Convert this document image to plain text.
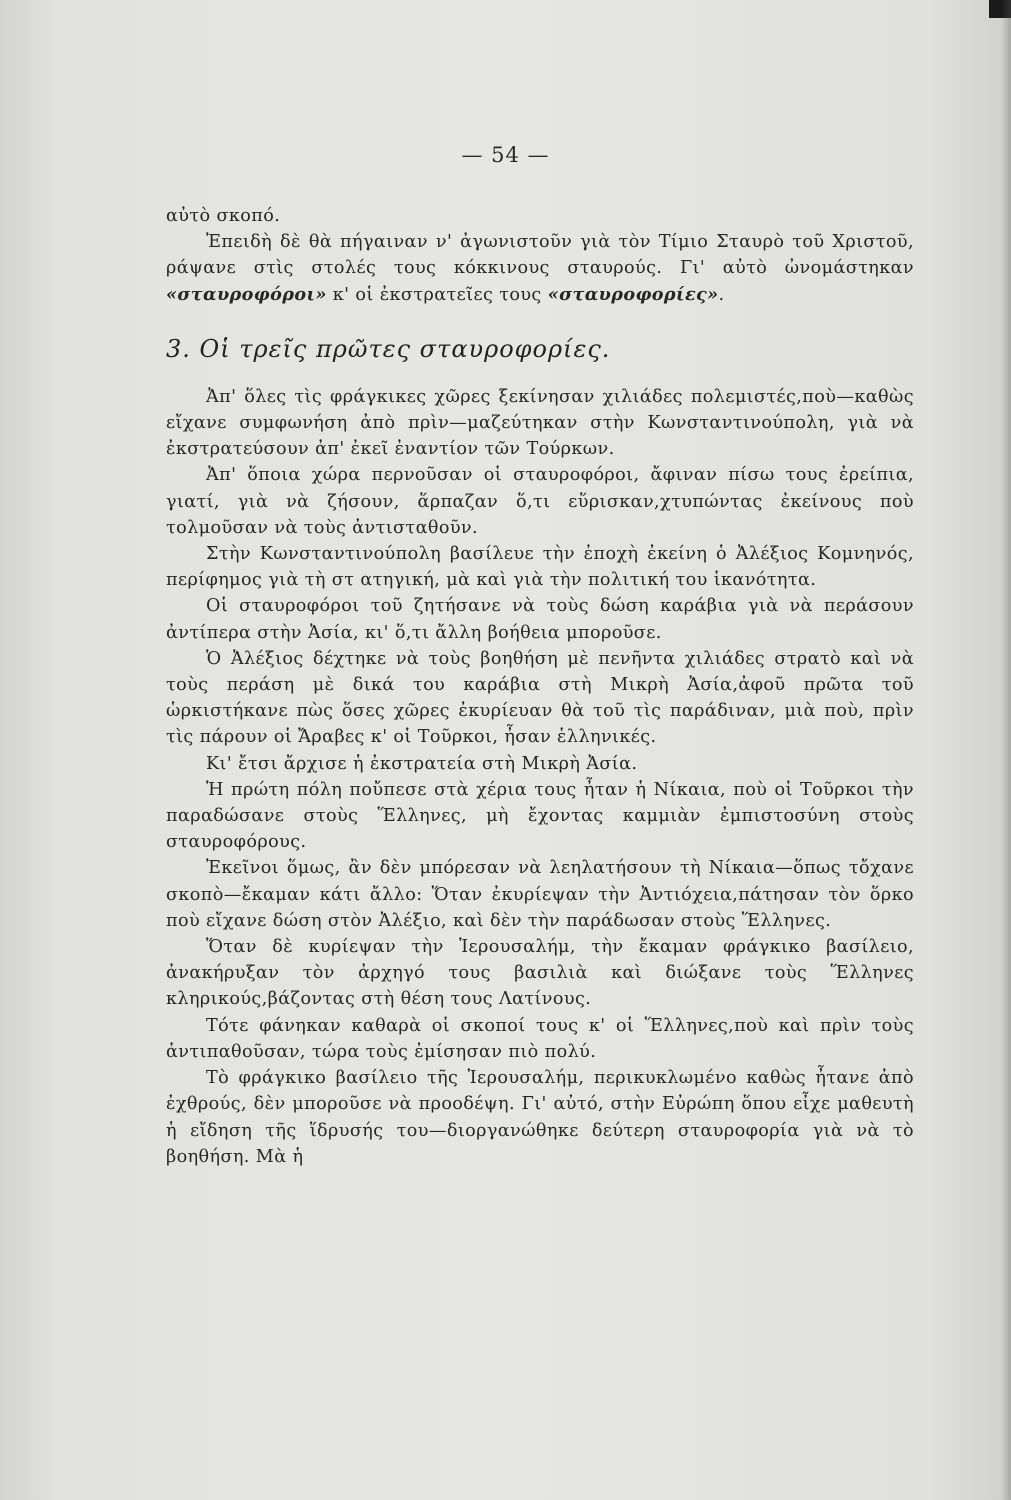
— 54 —

αὐτὸ σκοπό.

Ἐπειδὴ δὲ θὰ πήγαιναν ν' ἀγωνιστοῦν γιὰ τὸν Τίμιο Σταυρὸ τοῦ Χριστοῦ, ράψανε στὶς στολές τους κόκκινους σταυρούς. Γι' αὐτὸ ὠνομάστηκαν «σταυροφόροι» κ' οἱ ἐκστρατεῖες τους «σταυροφορίες».

3. Οἱ τρεῖς πρῶτες σταυροφορίες.

Ἀπ' ὅλες τὶς φράγκικες χῶρες ξεκίνησαν χιλιάδες πολεμιστές,ποὺ—καθὼς εἴχανε συμφωνήση ἀπὸ πρὶν—μαζεύτηκαν στὴν Κωνσταντινούπολη, γιὰ νὰ ἐκστρατεύσουν ἀπ' ἐκεῖ ἐναντίον τῶν Τούρκων.

Ἀπ' ὅποια χώρα περνοῦσαν οἱ σταυροφόροι, ἄφιναν πίσω τους ἐρείπια, γιατί, γιὰ νὰ ζήσουν, ἅρπαζαν ὅ,τι εὕρισκαν,χτυπώντας ἐκείνους ποὺ τολμοῦσαν νὰ τοὺς ἀντισταθοῦν.

Στὴν Κωνσταντινούπολη βασίλευε τὴν ἐποχὴ ἐκείνη ὁ Ἀλέξιος Κομνηνός, περίφημος γιὰ τὴ στ ατηγική, μὰ καὶ γιὰ τὴν πολιτική του ἱκανότητα.

Οἱ σταυροφόροι τοῦ ζητήσανε νὰ τοὺς δώση καράβια γιὰ νὰ περάσουν ἀντίπερα στὴν Ἀσία, κι' ὅ,τι ἄλλη βοήθεια μποροῦσε.

Ὁ Ἀλέξιος δέχτηκε νὰ τοὺς βοηθήση μὲ πενῆντα χιλιάδες στρατὸ καὶ νὰ τοὺς περάση μὲ δικά του καράβια στὴ Μικρὴ Ἀσία,ἀφοῦ πρῶτα τοῦ ὡρκιστήκανε πὼς ὅσες χῶρες ἐκυρίευαν θὰ τοῦ τὶς παράδιναν, μιὰ ποὺ, πρὶν τὶς πάρουν οἱ Ἄραβες κ' οἱ Τοῦρκοι, ἦσαν ἑλληνικές.

Κι' ἔτσι ἄρχισε ἡ ἐκστρατεία στὴ Μικρὴ Ἀσία.

Ἡ πρώτη πόλη ποὔπεσε στὰ χέρια τους ἦταν ἡ Νίκαια, ποὺ οἱ Τοῦρκοι τὴν παραδώσανε στοὺς Ἕλληνες, μὴ ἔχοντας καμμιὰν ἐμπιστοσύνη στοὺς σταυροφόρους.

Ἐκεῖνοι ὅμως, ἂν δὲν μπόρεσαν νὰ λεηλατήσουν τὴ Νίκαια—ὅπως τὄχανε σκοπὸ—ἔκαμαν κάτι ἄλλο: Ὅταν ἐκυρίεψαν τὴν Ἀντιόχεια,πάτησαν τὸν ὅρκο ποὺ εἴχανε δώση στὸν Ἀλέξιο, καὶ δὲν τὴν παράδωσαν στοὺς Ἕλληνες.

Ὅταν δὲ κυρίεψαν τὴν Ἱερουσαλήμ, τὴν ἔκαμαν φράγκικο βασίλειο, ἀνακήρυξαν τὸν ἀρχηγό τους βασιλιὰ καὶ διώξανε τοὺς Ἕλληνες κληρικούς,βάζοντας στὴ θέση τους Λατίνους.

Τότε φάνηκαν καθαρὰ οἱ σκοποί τους κ' οἱ Ἕλληνες,ποὺ καὶ πρὶν τοὺς ἀντιπαθοῦσαν, τώρα τοὺς ἐμίσησαν πιὸ πολύ.

Τὸ φράγκικο βασίλειο τῆς Ἱερουσαλήμ, περικυκλωμένο καθὼς ἦτανε ἀπὸ ἐχθρούς, δὲν μποροῦσε νὰ προοδέψη. Γι' αὐτό, στὴν Εὐρώπη ὅπου εἶχε μαθευτὴ ἡ εἴδηση τῆς ἵδρυσής του—διοργανώθηκε δεύτερη σταυροφορία γιὰ νὰ τὸ βοηθήση. Μὰ ἡ
